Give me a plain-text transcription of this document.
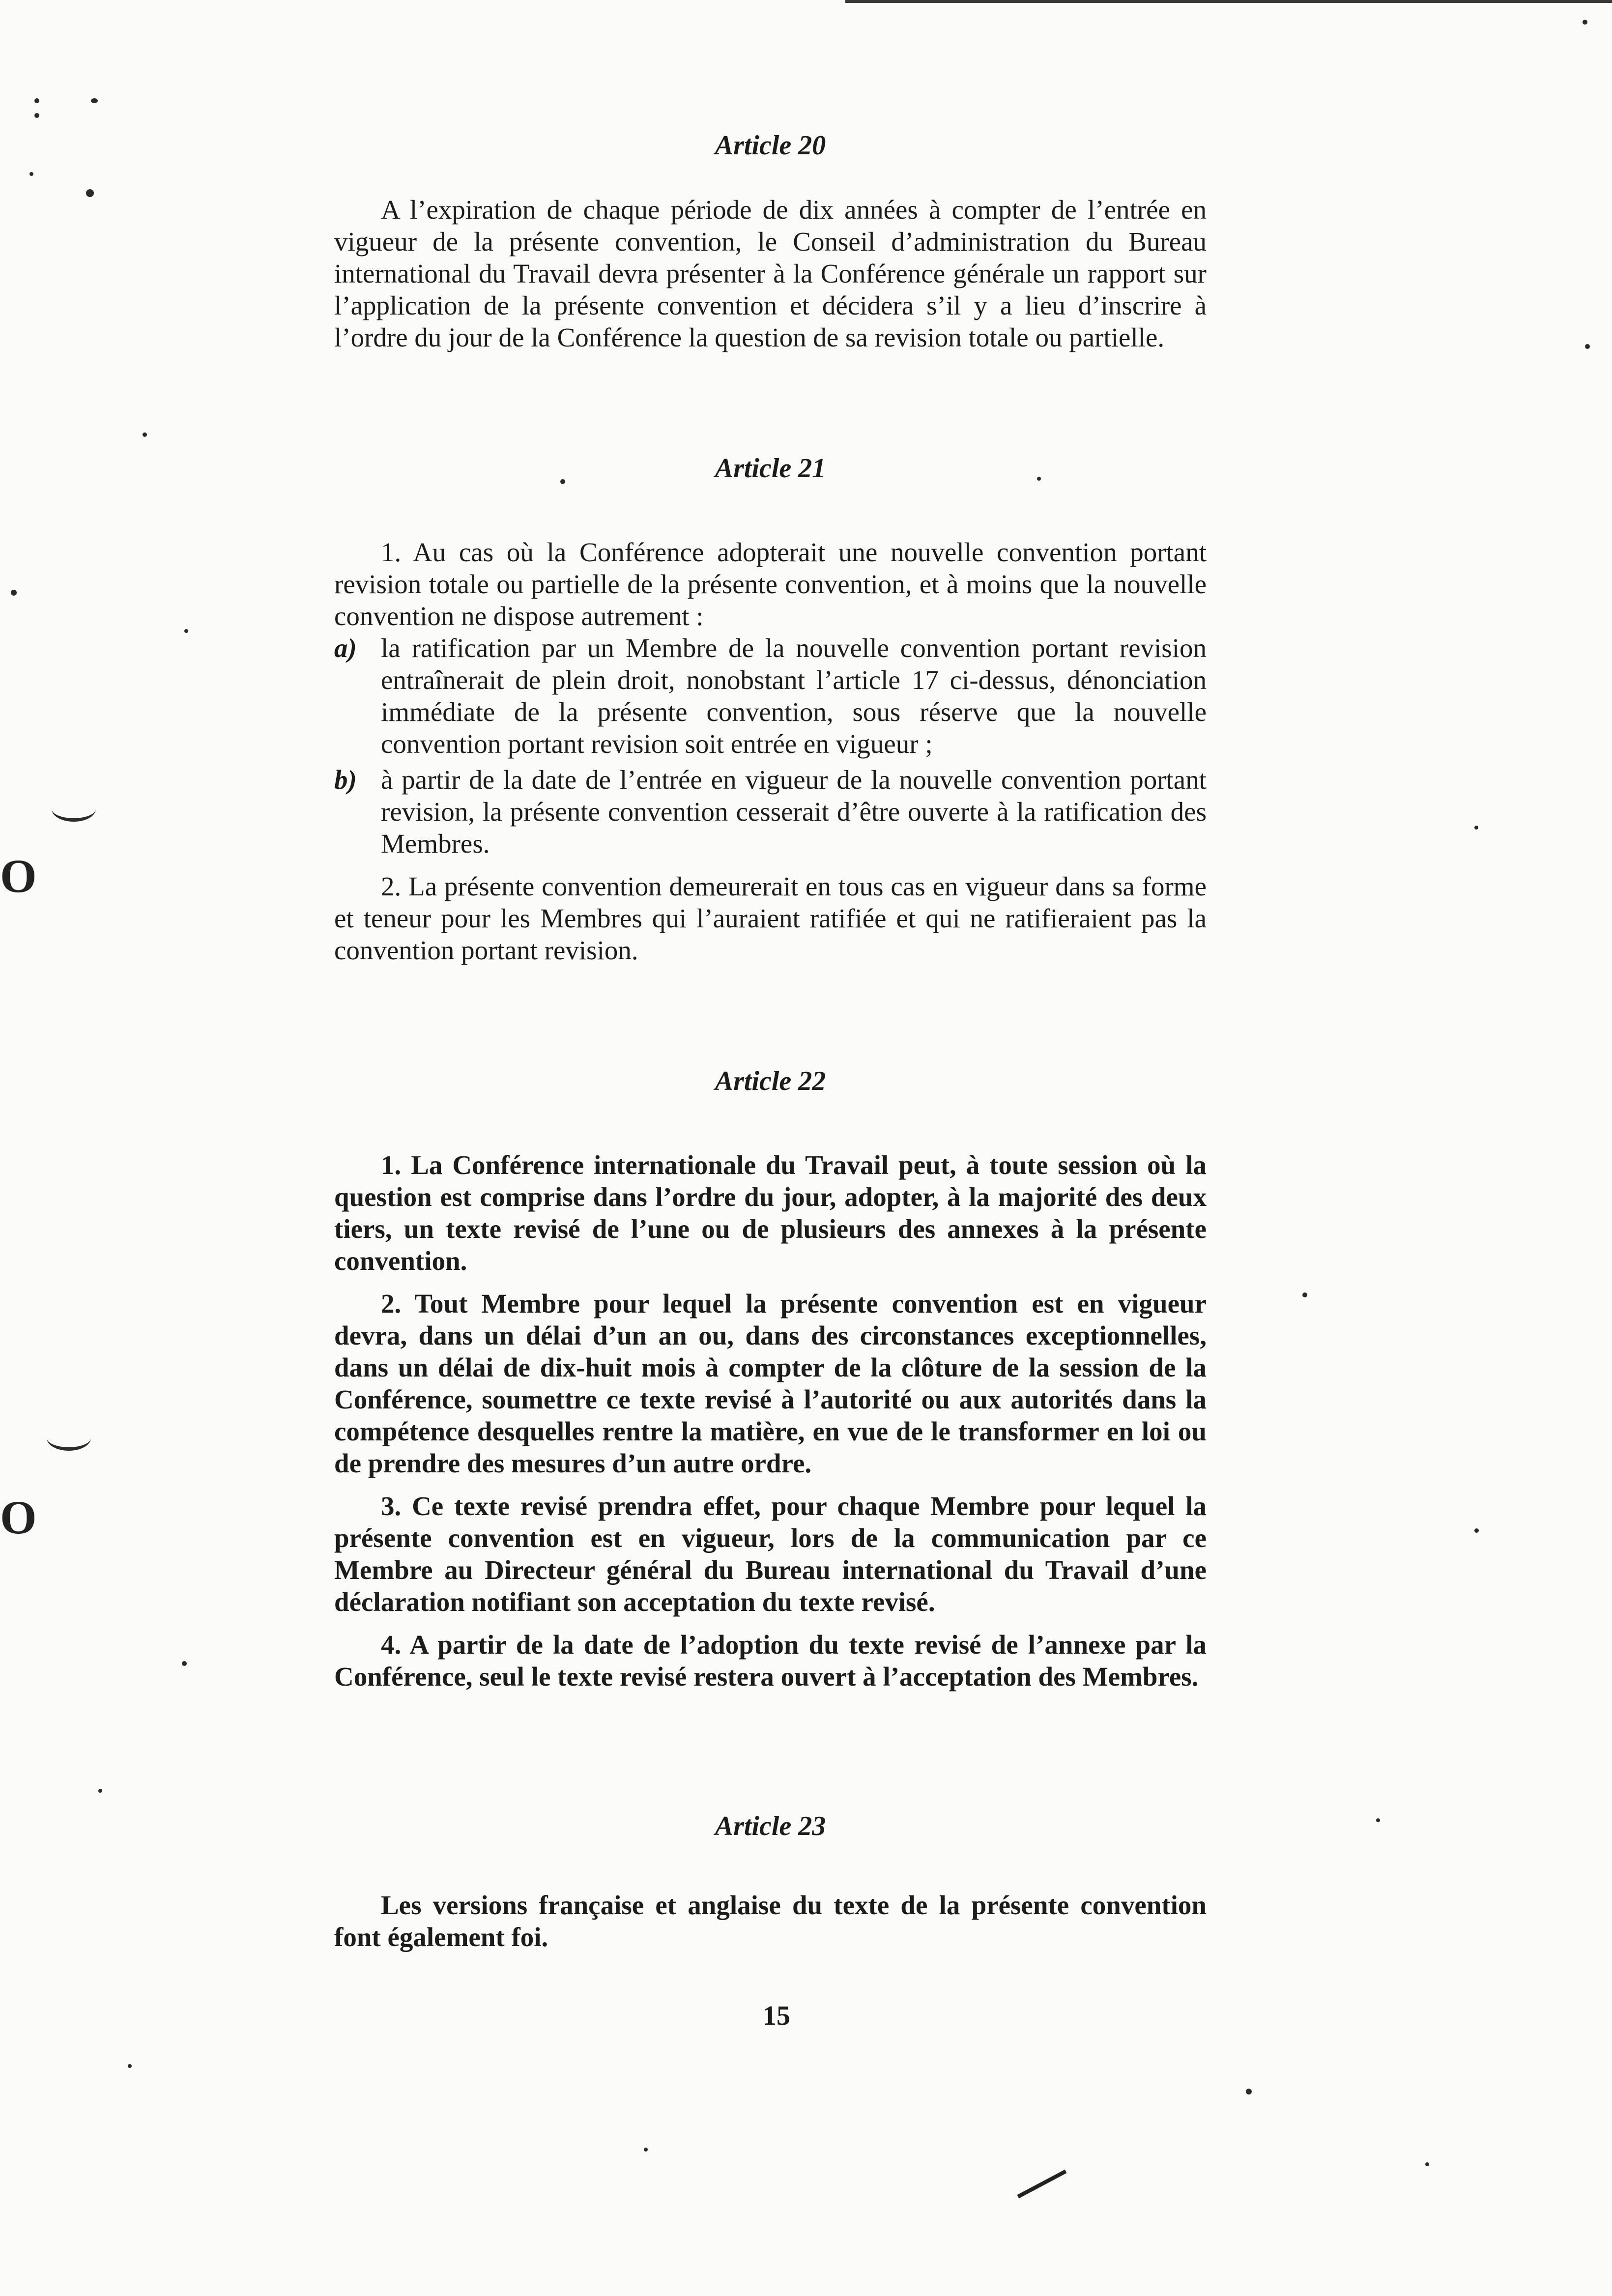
O
O
Article 20

A l’expiration de chaque période de dix années à compter de l’entrée en vigueur de la présente convention, le Conseil d’administration du Bureau international du Travail devra présenter à la Conférence générale un rapport sur l’application de la présente convention et décidera s’il y a lieu d’inscrire à l’ordre du jour de la Conférence la question de sa revision totale ou partielle.

Article 21

1. Au cas où la Conférence adopterait une nouvelle convention portant revision totale ou partielle de la présente convention, et à moins que la nouvelle convention ne dispose autrement :

a) la ratification par un Membre de la nouvelle convention portant revision entraînerait de plein droit, nonobstant l’article 17 ci-dessus, dénonciation immédiate de la présente convention, sous réserve que la nouvelle convention portant revision soit entrée en vigueur ;
b) à partir de la date de l’entrée en vigueur de la nouvelle convention portant revision, la présente convention cesserait d’être ouverte à la ratification des Membres.

2. La présente convention demeurerait en tous cas en vigueur dans sa forme et teneur pour les Membres qui l’auraient ratifiée et qui ne ratifieraient pas la convention portant revision.

Article 22

1. La Conférence internationale du Travail peut, à toute session où la question est comprise dans l’ordre du jour, adopter, à la majorité des deux tiers, un texte revisé de l’une ou de plusieurs des annexes à la présente convention.

2. Tout Membre pour lequel la présente convention est en vigueur devra, dans un délai d’un an ou, dans des circonstances exceptionnelles, dans un délai de dix-huit mois à compter de la clôture de la session de la Conférence, soumettre ce texte revisé à l’autorité ou aux autorités dans la compétence desquelles rentre la matière, en vue de le transformer en loi ou de prendre des mesures d’un autre ordre.

3. Ce texte revisé prendra effet, pour chaque Membre pour lequel la présente convention est en vigueur, lors de la communication par ce Membre au Directeur général du Bureau international du Travail d’une déclaration notifiant son acceptation du texte revisé.

4. A partir de la date de l’adoption du texte revisé de l’annexe par la Conférence, seul le texte revisé restera ouvert à l’acceptation des Membres.

Article 23

Les versions française et anglaise du texte de la présente convention font également foi.

15
